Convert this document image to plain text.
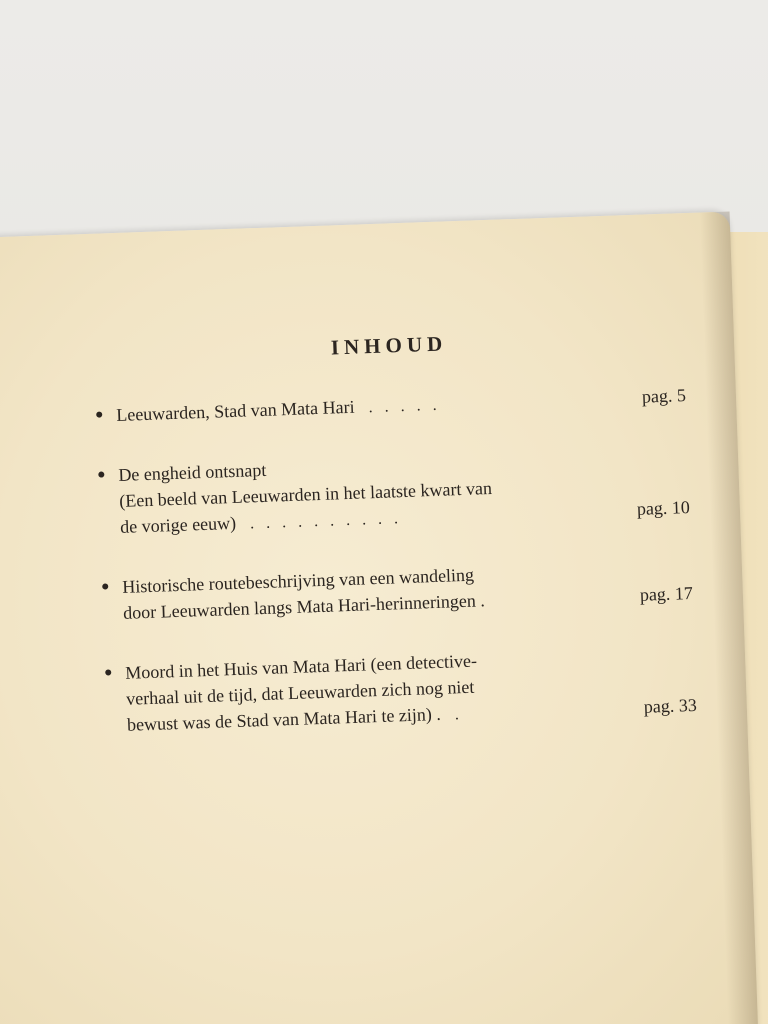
INHOUD
Leeuwarden, Stad van Mata Hari . . . . .	pag. 5
De engheid ontsnapt
(Een beeld van Leeuwarden in het laatste kwart van
de vorige eeuw) . . . . . . . . . .
pag. 10
Historische routebeschrijving van een wandeling
door Leeuwarden langs Mata Hari-herinneringen .	pag. 17
Moord in het Huis van Mata Hari (een detective-
verhaal uit de tijd, dat Leeuwarden zich nog niet
bewust was de Stad van Mata Hari te zijn) . .	pag. 33
